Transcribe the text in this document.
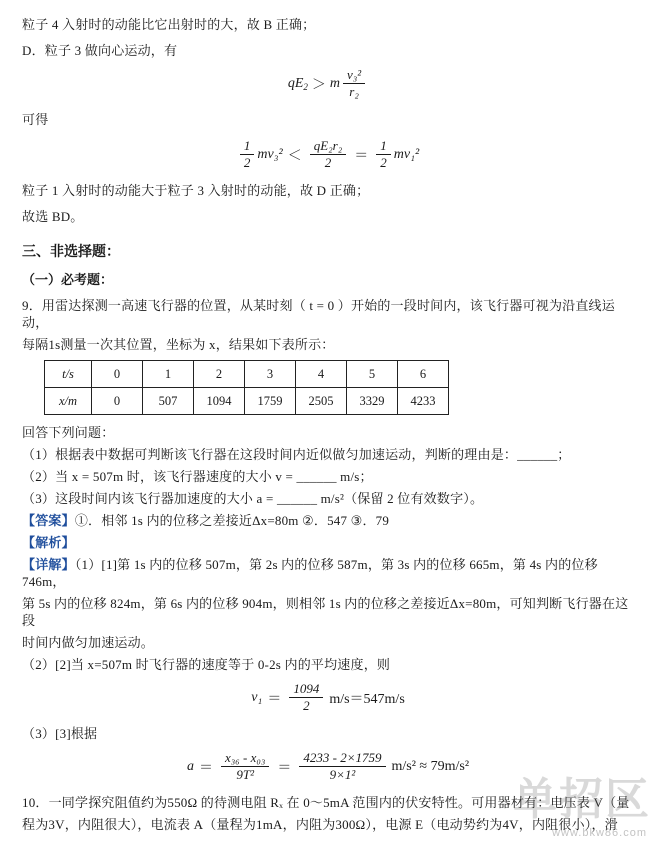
粒子 4 入射时的动能比它出射时的大，故 B 正确；
D．粒子 3 做向心运动，有
$qE_2 > m \frac{\text{v₃²}}{\text{r₂}}$
可得
$\frac{1}{2} mv_3^2 < \frac{\text{qE₂r₂}}{2} = \frac{1}{2} mv_1^2$
粒子 1 入射时的动能大于粒子 3 入射时的动能，故 D 正确；
故选 BD。
三、非选择题：
（一）必考题：
9．用雷达探测一高速飞行器的位置，从某时刻（ t = 0 ）开始的一段时间内，该飞行器可视为沿直线运动，
每隔1s测量一次其位置，坐标为 x，结果如下表所示：
t/s	0	1	2	3	4	5	6
x/m	0	507	1094	1759	2505	3329	4233
回答下列问题：
（1）根据表中数据可判断该飞行器在这段时间内近似做匀加速运动，判断的理由是：______；
（2）当 x = 507m 时，该飞行器速度的大小 v = ______ m/s；
（3）这段时间内该飞行器加速度的大小 a = ______ m/s²（保留 2 位有效数字）。
【答案】①．相邻 1s 内的位移之差接近Δx=80m ②．547 ③．79
【解析】
【详解】（1）[1]第 1s 内的位移 507m，第 2s 内的位移 587m，第 3s 内的位移 665m，第 4s 内的位移 746m，
第 5s 内的位移 824m，第 6s 内的位移 904m，则相邻 1s 内的位移之差接近Δx=80m，可知判断飞行器在这段
时间内做匀加速运动。
（2）[2]当 x=507m 时飞行器的速度等于 0-2s 内的平均速度，则
$v_1 = \frac{1094}{2} m/s=547m/s$
（3）[3]根据
$a = \frac{\text{x₃₆ - x₀₃}}{\text{9T²}} = \frac{4233 - 2\times 1759}{\text{9×1²}} m/s^2 \approx 79m/s^2$
10．一同学探究阻值约为550Ω 的待测电阻 Rₓ 在 0～5mA 范围内的伏安特性。可用器材有：电压表 V（量
程为3V，内阻很大），电流表 A（量程为1mA，内阻为300Ω），电源 E（电动势约为4V，内阻很小），滑
单招区
www.bkw86.com
